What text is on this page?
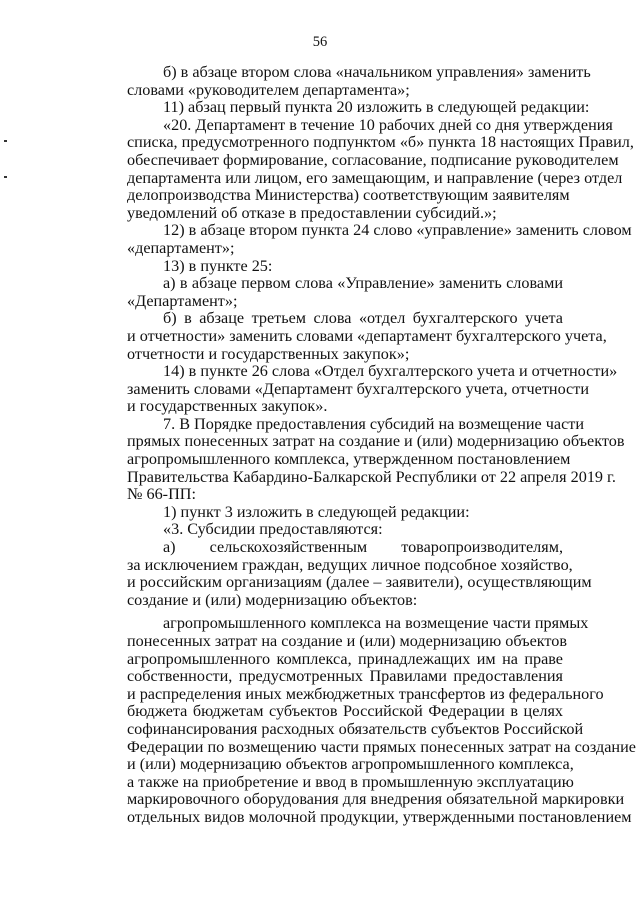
56
б) в абзаце втором слова «начальником управления» заменить
словами «руководителем департамента»;
11) абзац первый пункта 20 изложить в следующей редакции:
«20. Департамент в течение 10 рабочих дней со дня утверждения
списка, предусмотренного подпунктом «б» пункта 18 настоящих Правил,
обеспечивает формирование, согласование, подписание руководителем
департамента или лицом, его замещающим, и направление (через отдел
делопроизводства Министерства) соответствующим заявителям
уведомлений об отказе в предоставлении субсидий.»;
12) в абзаце втором пункта 24 слово «управление» заменить словом
«департамент»;
13) в пункте 25:
а) в абзаце первом слова «Управление» заменить словами
«Департамент»;
б) в абзаце третьем слова «отдел бухгалтерского учета
и отчетности» заменить словами «департамент бухгалтерского учета,
отчетности и государственных закупок»;
14) в пункте 26 слова «Отдел бухгалтерского учета и отчетности»
заменить словами «Департамент бухгалтерского учета, отчетности
и государственных закупок».
7. В Порядке предоставления субсидий на возмещение части
прямых понесенных затрат на создание и (или) модернизацию объектов
агропромышленного комплекса, утвержденном постановлением
Правительства Кабардино-Балкарской Республики от 22 апреля 2019 г.
№ 66-ПП:
1) пункт 3 изложить в следующей редакции:
«3. Субсидии предоставляются:
а) сельскохозяйственным товаропроизводителям,
за исключением граждан, ведущих личное подсобное хозяйство,
и российским организациям (далее – заявители), осуществляющим
создание и (или) модернизацию объектов:
агропромышленного комплекса на возмещение части прямых
понесенных затрат на создание и (или) модернизацию объектов
агропромышленного комплекса, принадлежащих им на праве
собственности, предусмотренных Правилами предоставления
и распределения иных межбюджетных трансфертов из федерального
бюджета бюджетам субъектов Российской Федерации в целях
софинансирования расходных обязательств субъектов Российской
Федерации по возмещению части прямых понесенных затрат на создание
и (или) модернизацию объектов агропромышленного комплекса,
а также на приобретение и ввод в промышленную эксплуатацию
маркировочного оборудования для внедрения обязательной маркировки
отдельных видов молочной продукции, утвержденными постановлением
